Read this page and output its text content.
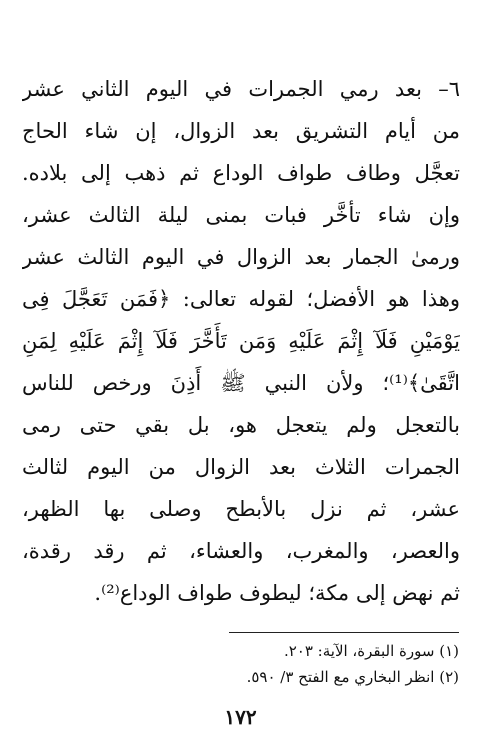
٦– بعد رمي الجمرات في اليوم الثاني عشر
من أيام التشريق بعد الزوال، إن شاء الحاج
تعجَّل وطاف طواف الوداع ثم ذهب إلى بلاده.
وإن شاء تأخَّر فبات بمنى ليلة الثالث عشر،
ورمىٰ الجمار بعد الزوال في اليوم الثالث عشر
وهذا هو الأفضل؛ لقوله تعالى: ﴿فَمَن تَعَجَّلَ فِى
يَوْمَيْنِ فَلَآ إِثْمَ عَلَيْهِ وَمَن تَأَخَّرَ فَلَآ إِثْمَ عَلَيْهِ لِمَنِ
اتَّقَىٰ﴾⁽¹⁾؛ ولأن النبي ﷺ أَذِنَ ورخص للناس
بالتعجل ولم يتعجل هو، بل بقي حتى رمى
الجمرات الثلاث بعد الزوال من اليوم لثالث
عشر، ثم نزل بالأبطح وصلى بها الظهر،
والعصر، والمغرب، والعشاء، ثم رقد رقدة،
ثم نهض إلى مكة؛ ليطوف طواف الوداع⁽²⁾.
(١) سورة البقرة، الآية: ٢٠٣.
(٢) انظر البخاري مع الفتح ٣/ ٥٩٠.
١٧٢
